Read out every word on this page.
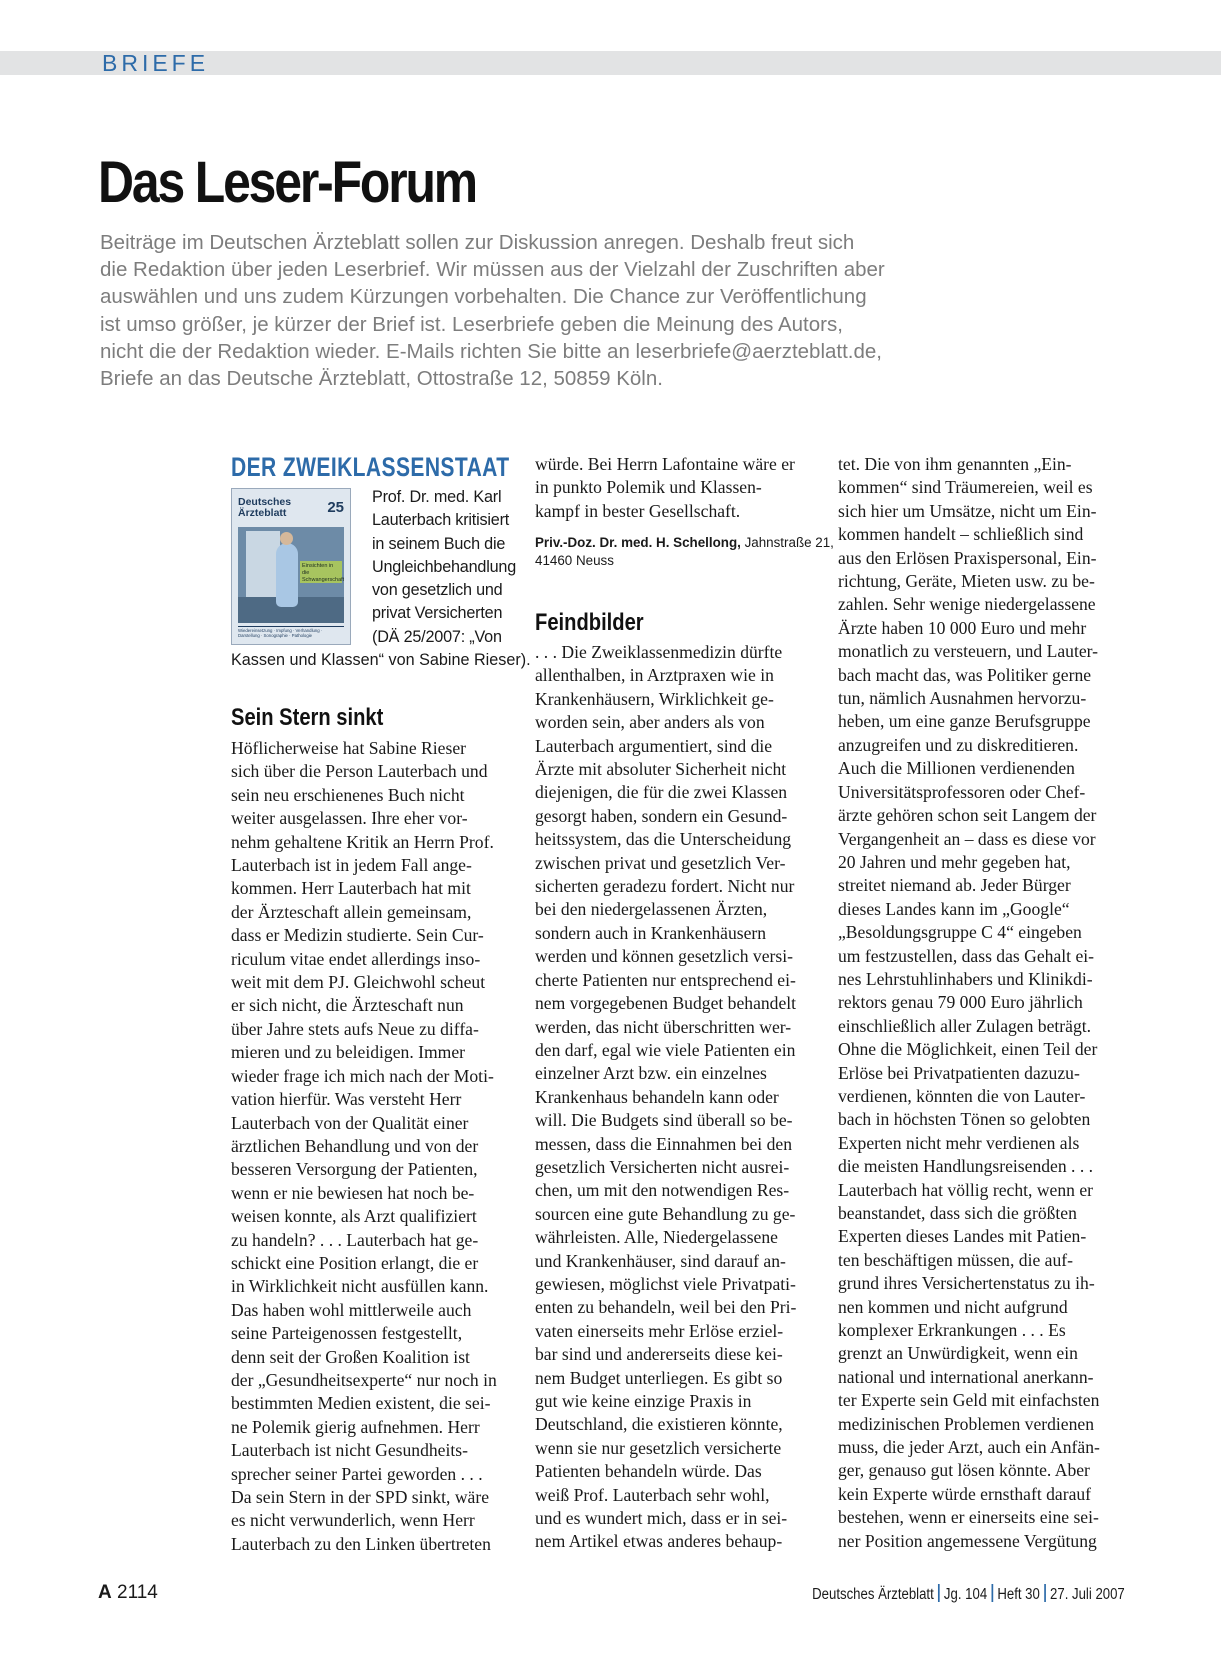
BRIEFE
Das Leser-Forum
Beiträge im Deutschen Ärzteblatt sollen zur Diskussion anregen. Deshalb freut sich
die Redaktion über jeden Leserbrief. Wir müssen aus der Vielzahl der Zuschriften aber
auswählen und uns zudem Kürzungen vorbehalten. Die Chance zur Veröffentlichung
ist umso größer, je kürzer der Brief ist. Leserbriefe geben die Meinung des Autors,
nicht die der Redaktion wieder. E-Mails richten Sie bitte an leserbriefe@aerzteblatt.de,
Briefe an das Deutsche Ärzteblatt, Ottostraße 12, 50859 Köln.
DER ZWEIKLASSENSTAAT
Deutsches
Ärzteblatt	25
Einsichten in die Schwangerschaft
Wiedereinsetzung · Impfung · Verhandlung · Darstellung · Sonographie · Pathologie
Prof. Dr. med. Karl
Lauterbach kritisiert
in seinem Buch die
Ungleichbehandlung
von gesetzlich und
privat Versicherten
(DÄ 25/2007: „Von
Kassen und Klassen“ von Sabine Rieser).
Sein Stern sinkt
Höflicherweise hat Sabine Rieser
sich über die Person Lauterbach und
sein neu erschienenes Buch nicht
weiter ausgelassen. Ihre eher vor-
nehm gehaltene Kritik an Herrn Prof.
Lauterbach ist in jedem Fall ange-
kommen. Herr Lauterbach hat mit
der Ärzteschaft allein gemeinsam,
dass er Medizin studierte. Sein Cur-
riculum vitae endet allerdings inso-
weit mit dem PJ. Gleichwohl scheut
er sich nicht, die Ärzteschaft nun
über Jahre stets aufs Neue zu diffa-
mieren und zu beleidigen. Immer
wieder frage ich mich nach der Moti-
vation hierfür. Was versteht Herr
Lauterbach von der Qualität einer
ärztlichen Behandlung und von der
besseren Versorgung der Patienten,
wenn er nie bewiesen hat noch be-
weisen konnte, als Arzt qualifiziert
zu handeln? . . . Lauterbach hat ge-
schickt eine Position erlangt, die er
in Wirklichkeit nicht ausfüllen kann.
Das haben wohl mittlerweile auch
seine Parteigenossen festgestellt,
denn seit der Großen Koalition ist
der „Gesundheitsexperte“ nur noch in
bestimmten Medien existent, die sei-
ne Polemik gierig aufnehmen. Herr
Lauterbach ist nicht Gesundheits-
sprecher seiner Partei geworden . . .
Da sein Stern in der SPD sinkt, wäre
es nicht verwunderlich, wenn Herr
Lauterbach zu den Linken übertreten
würde. Bei Herrn Lafontaine wäre er
in punkto Polemik und Klassen-
kampf in bester Gesellschaft.
Priv.-Doz. Dr. med. H. Schellong, Jahnstraße 21,
41460 Neuss
Feindbilder
. . . Die Zweiklassenmedizin dürfte
allenthalben, in Arztpraxen wie in
Krankenhäusern, Wirklichkeit ge-
worden sein, aber anders als von
Lauterbach argumentiert, sind die
Ärzte mit absoluter Sicherheit nicht
diejenigen, die für die zwei Klassen
gesorgt haben, sondern ein Gesund-
heitssystem, das die Unterscheidung
zwischen privat und gesetzlich Ver-
sicherten geradezu fordert. Nicht nur
bei den niedergelassenen Ärzten,
sondern auch in Krankenhäusern
werden und können gesetzlich versi-
cherte Patienten nur entsprechend ei-
nem vorgegebenen Budget behandelt
werden, das nicht überschritten wer-
den darf, egal wie viele Patienten ein
einzelner Arzt bzw. ein einzelnes
Krankenhaus behandeln kann oder
will. Die Budgets sind überall so be-
messen, dass die Einnahmen bei den
gesetzlich Versicherten nicht ausrei-
chen, um mit den notwendigen Res-
sourcen eine gute Behandlung zu ge-
währleisten. Alle, Niedergelassene
und Krankenhäuser, sind darauf an-
gewiesen, möglichst viele Privatpati-
enten zu behandeln, weil bei den Pri-
vaten einerseits mehr Erlöse erziel-
bar sind und andererseits diese kei-
nem Budget unterliegen. Es gibt so
gut wie keine einzige Praxis in
Deutschland, die existieren könnte,
wenn sie nur gesetzlich versicherte
Patienten behandeln würde. Das
weiß Prof. Lauterbach sehr wohl,
und es wundert mich, dass er in sei-
nem Artikel etwas anderes behaup-
tet. Die von ihm genannten „Ein-
kommen“ sind Träumereien, weil es
sich hier um Umsätze, nicht um Ein-
kommen handelt – schließlich sind
aus den Erlösen Praxispersonal, Ein-
richtung, Geräte, Mieten usw. zu be-
zahlen. Sehr wenige niedergelassene
Ärzte haben 10 000 Euro und mehr
monatlich zu versteuern, und Lauter-
bach macht das, was Politiker gerne
tun, nämlich Ausnahmen hervorzu-
heben, um eine ganze Berufsgruppe
anzugreifen und zu diskreditieren.
Auch die Millionen verdienenden
Universitätsprofessoren oder Chef-
ärzte gehören schon seit Langem der
Vergangenheit an – dass es diese vor
20 Jahren und mehr gegeben hat,
streitet niemand ab. Jeder Bürger
dieses Landes kann im „Google“
„Besoldungsgruppe C 4“ eingeben
um festzustellen, dass das Gehalt ei-
nes Lehrstuhlinhabers und Klinikdi-
rektors genau 79 000 Euro jährlich
einschließlich aller Zulagen beträgt.
Ohne die Möglichkeit, einen Teil der
Erlöse bei Privatpatienten dazuzu-
verdienen, könnten die von Lauter-
bach in höchsten Tönen so gelobten
Experten nicht mehr verdienen als
die meisten Handlungsreisenden . . .
Lauterbach hat völlig recht, wenn er
beanstandet, dass sich die größten
Experten dieses Landes mit Patien-
ten beschäftigen müssen, die auf-
grund ihres Versichertenstatus zu ih-
nen kommen und nicht aufgrund
komplexer Erkrankungen . . . Es
grenzt an Unwürdigkeit, wenn ein
national und international anerkann-
ter Experte sein Geld mit einfachsten
medizinischen Problemen verdienen
muss, die jeder Arzt, auch ein Anfän-
ger, genauso gut lösen könnte. Aber
kein Experte würde ernsthaft darauf
bestehen, wenn er einerseits eine sei-
ner Position angemessene Vergütung
A 2114	Deutsches Ärzteblatt Jg. 104 Heft 30 27. Juli 2007
